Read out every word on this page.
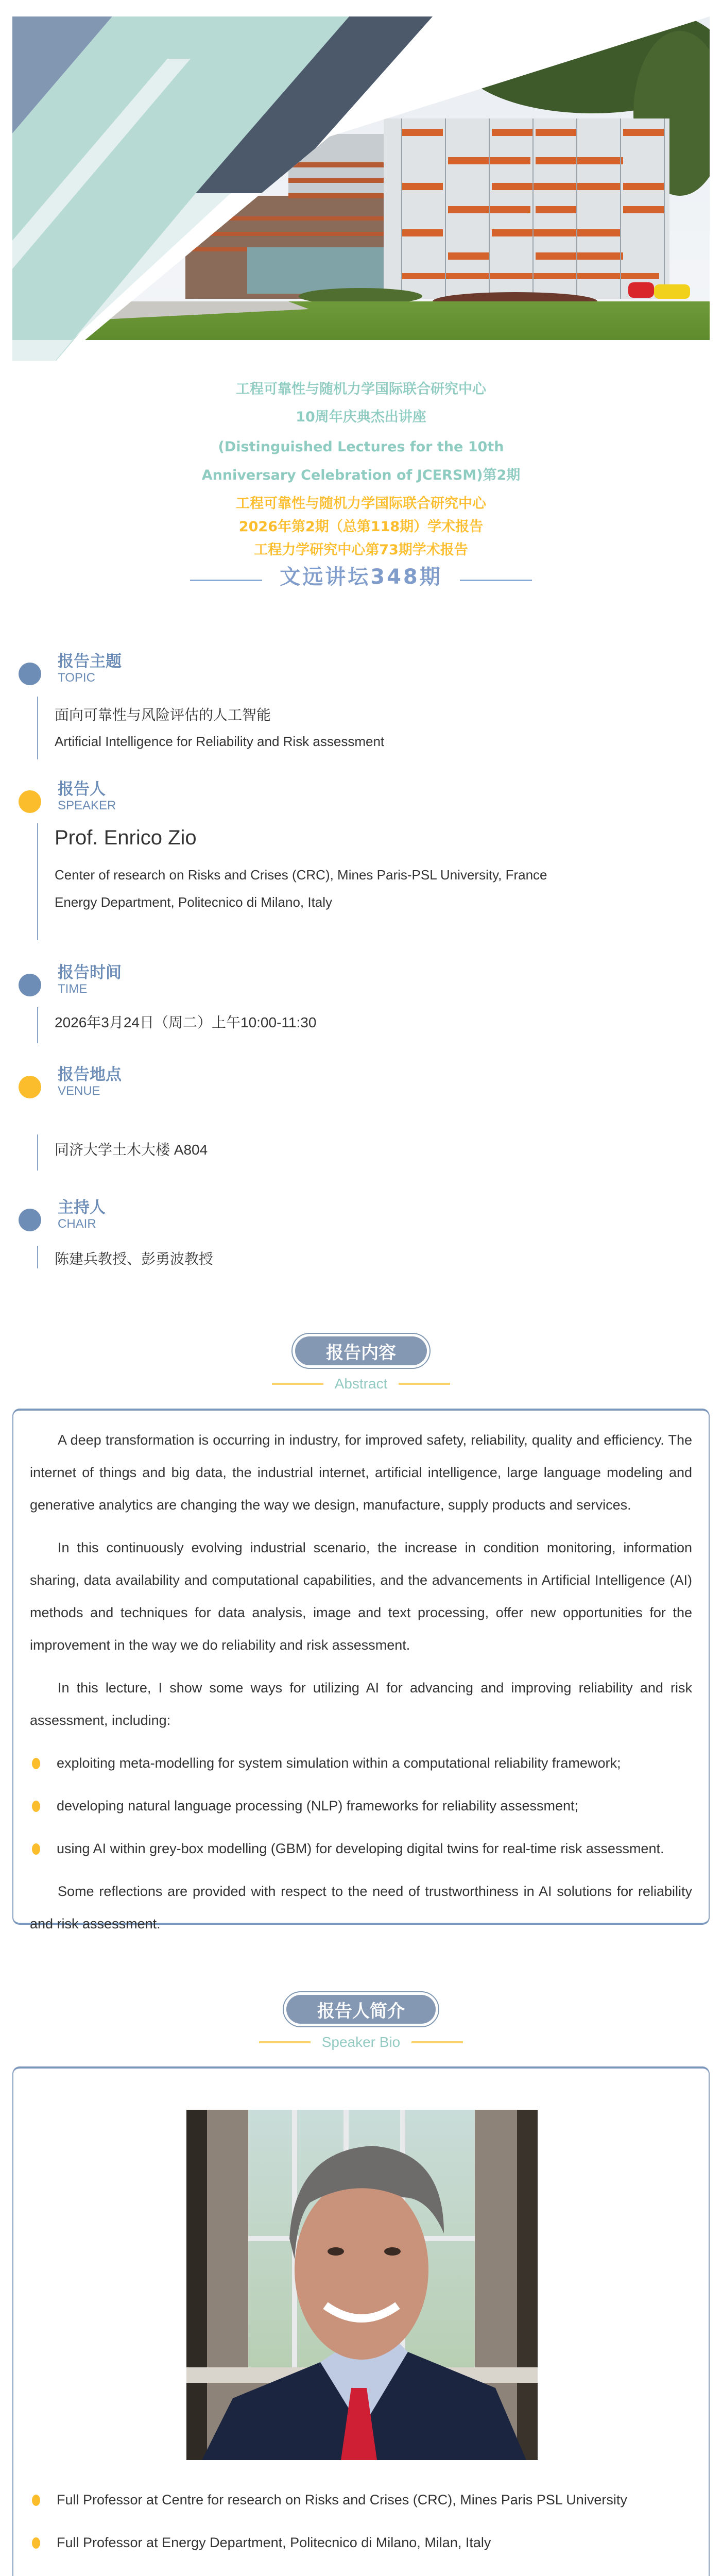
工程可靠性与随机力学国际联合研究中心
10周年庆典杰出讲座
(Distinguished Lectures for the 10th
Anniversary Celebration of JCERSM)第2期
工程可靠性与随机力学国际联合研究中心
2026年第2期（总第118期）学术报告
工程力学研究中心第73期学术报告
文远讲坛348期
报告主题
TOPIC

面向可靠性与风险评估的人工智能

Artificial Intelligence for Reliability and Risk assessment

报告人
SPEAKER

Prof. Enrico Zio

Center of research on Risks and Crises (CRC), Mines Paris-PSL University, France

Energy Department, Politecnico di Milano, Italy

报告时间
TIME

2026年3月24日（周二）上午10:00-11:30

报告地点
VENUE

同济大学土木大楼 A804

主持人
CHAIR

陈建兵教授、彭勇波教授

报告内容
Abstract

A deep transformation is occurring in industry, for improved safety, reliability, quality and efficiency. The internet of things and big data, the industrial internet, artificial intelligence, large language modeling and generative analytics are changing the way we design, manufacture, supply products and services.

In this continuously evolving industrial scenario, the increase in condition monitoring, information sharing, data availability and computational capabilities, and the advancements in Artificial Intelligence (AI) methods and techniques for data analysis, image and text processing, offer new opportunities for the improvement in the way we do reliability and risk assessment.

In this lecture, I show some ways for utilizing AI for advancing and improving reliability and risk assessment, including:

exploiting meta-modelling for system simulation within a computational reliability framework;
developing natural language processing (NLP) frameworks for reliability assessment;
using AI within grey-box modelling (GBM) for developing digital twins for real-time risk assessment.

Some reflections are provided with respect to the need of trustworthiness in AI solutions for reliability and risk assessment.

报告人简介
Speaker Bio
Full Professor at Centre for research on Risks and Crises (CRC), Mines Paris PSL University
Full Professor at Energy Department, Politecnico di Milano, Milan, Italy
